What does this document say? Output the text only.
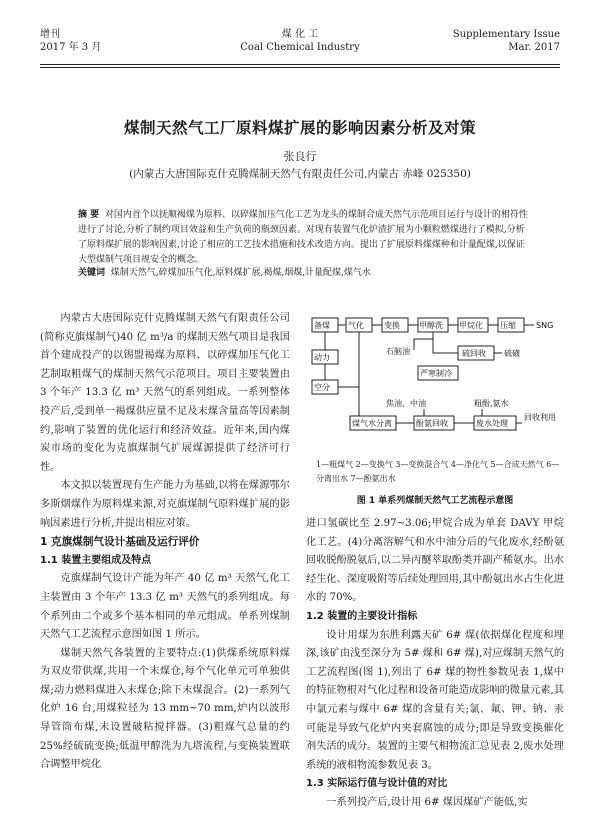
增刊
2017 年 3 月
煤 化 工
Coal Chemical Industry
Supplementary Issue
Mar. 2017
煤制天然气工厂原料煤扩展的影响因素分析及对策
张良行
(内蒙古大唐国际克什克腾煤制天然气有限责任公司,内蒙古 赤峰 025350)
摘 要 对国内首个以抚顺褐煤为原料、以碎煤加压气化工艺为龙头的煤制合成天然气示范项目运行与设计的相符性进行了讨论,分析了制约项目效益和生产负荷的瓶颈因素。对现有装置气化炉渣扩展为小颗粒燃煤进行了模拟,分析了原料煤扩展的影响因素,讨论了相应的工艺技术措施和技术改造方向。提出了扩展原料煤煤种和计量配煤,以保证大型煤制气项目规安全的概念。
关键词 煤制天然气,碎煤加压气化,原料煤扩展,褐煤,烟煤,计量配煤,煤气水

内蒙古大唐国际克什克腾煤制天然气有限责任公司(简称克旗煤制气)40 亿 m³/a 的煤制天然气项目是我国首个建成投产的以锡盟褐煤为原料、以碎煤加压气化工艺制取粗煤气的煤制天然气示范项目。项目主要装置由 3 个年产 13.3 亿 m³ 天然气的系列组成。一系列整体投产后,受到单一褐煤供应量不足及末煤含量高等因素制约,影响了装置的优化运行和经济效益。近年来,国内煤炭市场的变化为克旗煤制气扩展煤源提供了经济可行性。

本文拟以装置现有生产能力为基础,以将在煤源鄂尔多斯烟煤作为原料煤来源,对克旗煤制气原料煤扩展的影响因素进行分析,并提出相应对策。

1 克旗煤制气设计基础及运行评价

1.1 装置主要组成及特点

克旗煤制气设计产能为年产 40 亿 m³ 天然气,化工主装置由 3 个年产 13.3 亿 m³ 天然气的系列组成。每个系列由二个或多个基本相同的单元组成。单系列煤制天然气工艺流程示意图如图 1 所示。

煤制天然气各装置的主要特点:(1)供煤系统原料煤为双皮带供煤,共用一个末煤仓,每个气化单元可单独供煤;动力燃料煤进入末煤仓;除下末煤混合。(2)一系列气化炉 16 台,用煤粒径为 13 mm~70 mm,炉内以波形导管筒布煤,未设置破粘搅拌器。(3)粗煤气总量的约 25%经硫硫变换;低温甲醇洗为九塔流程,与变换装置联合调整甲烷化

备煤 气化	变换 甲醇洗 甲烷化 压缩	SNG
动力
空分
石脑油	硫回收 硫磺
严寒制冷
焦油、中油	粗酚,氨水
煤气水分离	酚氨回收	废水处理
回收利用
1—粗煤气 2—变换气 3—变换混合气 4—净化气 5—合成天然气 6—分离出水 7—酚氨出水
图 1 单系列煤制天然气工艺流程示意图

进口氢碳比至 2.97~3.06;甲烷合成为单套 DAVY 甲烷化工艺。(4)分离溶解气和水中油分后的气化废水,经酚氨回收脱酚脱氨后,以二异丙醚萃取酚类并副产稀氨水。出水经生化、深度吸附等后续处理回用,其中酚氨出水占生化进水的 70%。

1.2 装置的主要设计指标

设计用煤为东胜利露天矿 6# 煤(依据煤化程度和埋深,该矿由浅至深分为 5# 煤和 6# 煤),对应煤制天然气的工艺流程图(图 1),列出了 6# 煤的物性参数见表 1,煤中的特征物根对气化过程和设备可能造成影响的微量元素,其中氯元素与煤中 6# 煤的含量有关;氯、氟、钾、钠、汞可能是导致气化炉内夹套腐蚀的成分;即是导致变换催化剂失活的成分。装置的主要气相物流汇总见表 2,废水处理系统的液相物流参数见表 3。

1.3 实际运行值与设计值的对比

一系列投产后,设计用 6# 煤因煤矿产能低,实
